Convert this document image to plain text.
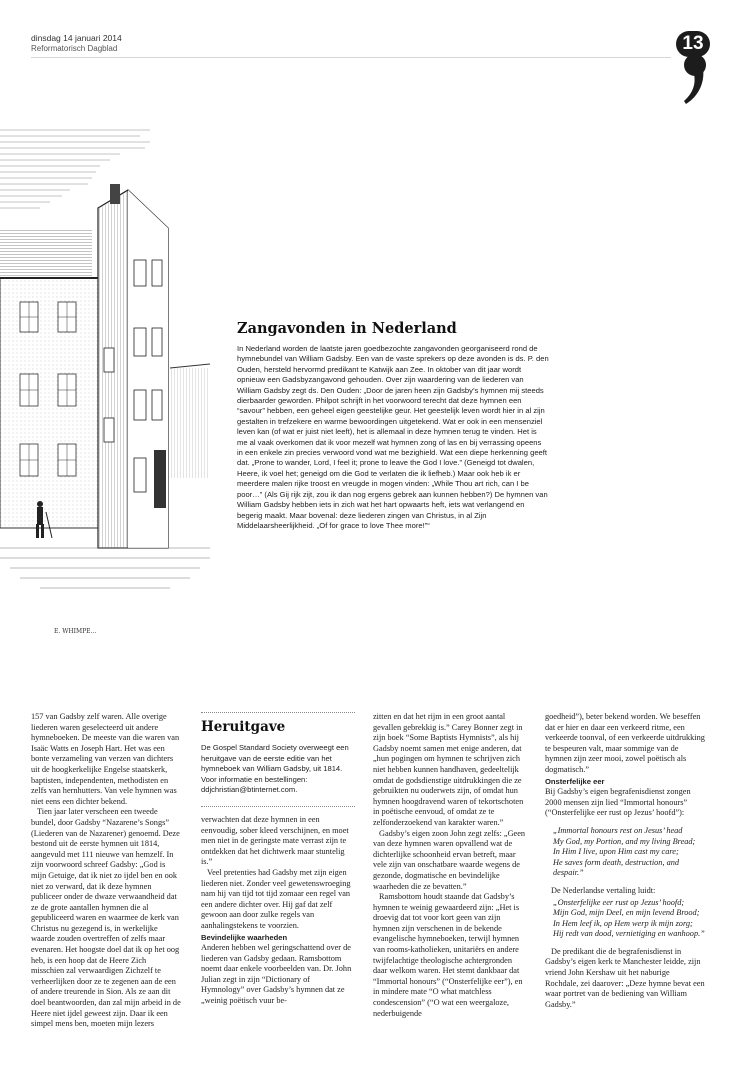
dinsdag 14 januari 2014
Reformatorisch Dagblad	13
E. WHIMPE...
Zangavonden in Nederland

In Nederland worden de laatste jaren goedbezochte zangavonden georganiseerd rond de hymnebundel van William Gadsby. Een van de vaste sprekers op deze avonden is ds. P. den Ouden, hersteld hervormd predikant te Katwijk aan Zee. In oktober van dit jaar wordt opnieuw een Gadsbyzangavond gehouden. Over zijn waardering van de liederen van William Gadsby zegt ds. Den Ouden: „Door de jaren heen zijn Gadsby’s hymnen mij steeds dierbaarder geworden. Philpot schrijft in het voorwoord terecht dat deze hymnen een “savour” hebben, een geheel eigen geestelijke geur. Het geestelijk leven wordt hier in al zijn gestalten in trefzekere en warme bewoordingen uitgetekend. Wat er ook in een mensenziel leven kan (of wat er juist niet leeft), het is allemaal in deze hymnen terug te vinden. Het is me al vaak overkomen dat ik voor mezelf wat hymnen zong of las en bij verrassing opeens in een enkele zin precies verwoord vond wat me bezighield. Wat een diepe herkenning geeft dat. „Prone to wander, Lord, I feel it; prone to leave the God I love.” (Geneigd tot dwalen, Heere, ik voel het; geneigd om die God te verlaten die ik liefheb.) Maar ook heb ik er meerdere malen rijke troost en vreugde in mogen vinden: „While Thou art rich, can I be poor…” (Als Gij rijk zijt, zou ik dan nog ergens gebrek aan kunnen hebben?) De hymnen van William Gadsby hebben iets in zich wat het hart opwaarts heft, iets wat verlangend en begerig maakt. Maar bovenal: deze liederen zingen van Christus, in al Zijn Middelaarsheerlijkheid. „Of for grace to love Thee more!”“

157 van Gadsby zelf waren. Alle overige liederen waren geselecteerd uit andere hymneboeken. De meeste van die waren van Isaäc Watts en Joseph Hart. Het was een bonte verzameling van verzen van dichters uit de hoogkerkelijke Engelse staatskerk, baptisten, independenten, methodisten en zelfs van hernhutters. Van vele hymnen was niet eens een dichter bekend.

Tien jaar later verscheen een tweede bundel, door Gadsby “Nazarene’s Songs” (Liederen van de Nazarener) genoemd. Deze bestond uit de eerste hymnen uit 1814, aangevuld met 111 nieuwe van hemzelf. In zijn voorwoord schreef Gadsby: „God is mijn Getuige, dat ik niet zo ijdel ben en ook niet zo verward, dat ik deze hymnen publiceer onder de dwaze verwaandheid dat ze de grote aantallen hymnen die al gepubliceerd waren en waarmee de kerk van Christus nu gezegend is, in werkelijke waarde zouden overtreffen of zelfs maar evenaren. Het hoogste doel dat ik op het oog heb, is een hoop dat de Heere Zich misschien zal verwaardigen Zichzelf te verheerlijken door ze te zegenen aan de een of andere treurende in Sion. Als ze aan dit doel beantwoorden, dan zal mijn arbeid in de Heere niet ijdel geweest zijn. Daar ik een simpel mens ben, moeten mijn lezers

Heruitgave
De Gospel Standard Society overweegt een heruitgave van de eerste editie van het hymneboek van William Gadsby, uit 1814. Voor informatie en bestellingen: ddjchristian@btinternet.com.

verwachten dat deze hymnen in een eenvoudig, sober kleed verschijnen, en moet men niet in de geringste mate verrast zijn te ontdekken dat het dichtwerk maar stuntelig is.”

Veel pretenties had Gadsby met zijn eigen liederen niet. Zonder veel gewetenswroeging nam hij van tijd tot tijd zomaar een regel van een andere dichter over. Hij gaf dat zelf gewoon aan door zulke regels van aanhalingstekens te voorzien.

Bevindelijke waarheden

Anderen hebben wel geringschattend over de liederen van Gadsby gedaan. Ramsbottom noemt daar enkele voorbeelden van. Dr. John Julian zegt in zijn “Dictionary of Hymnology” over Gadsby’s hymnen dat ze „weinig poëtisch vuur be-

zitten en dat het rijm in een groot aantal gevallen gebrekkig is.” Carey Bonner zegt in zijn boek “Some Baptists Hymnists”, als hij Gadsby noemt samen met enige anderen, dat „hun pogingen om hymnen te schrijven zich niet hebben kunnen handhaven, gedeeltelijk omdat de godsdienstige uitdrukkingen die ze gebruikten nu ouderwets zijn, of omdat hun hymnen hoogdravend waren of tekortschoten in poëtische eenvoud, of omdat ze te zelfonderzoekend van karakter waren.”

Gadsby’s eigen zoon John zegt zelfs: „Geen van deze hymnen waren opvallend wat de dichterlijke schoonheid ervan betreft, maar vele zijn van onschatbare waarde wegens de gezonde, dogmatische en bevindelijke waarheden die ze bevatten.”

Ramsbottom houdt staande dat Gadsby’s hymnen te weinig gewaardeerd zijn: „Het is droevig dat tot voor kort geen van zijn hymnen zijn verschenen in de bekende evangelische hymneboeken, terwijl hymnen van rooms-katholieken, unitariërs en andere twijfelachtige theologische achtergronden daar welkom waren. Het stemt dankbaar dat “Immortal honours” (“Onsterfelijke eer”), en in mindere mate “O what matchless condescension” (“O wat een weergaloze, nederbuigende

goedheid”), beter bekend worden. We beseffen dat er hier en daar een verkeerd ritme, een verkeerde toonval, of een verkeerde uitdrukking te bespeuren valt, maar sommige van de hymnen zijn zeer mooi, zowel poëtisch als dogmatisch.”

Onsterfelijke eer

Bij Gadsby’s eigen begrafenisdienst zongen 2000 mensen zijn lied “Immortal honours” (“Onsterfelijke eer rust op Jezus’ hoofd”):

„Immortal honours rest on Jesus’ head
My God, my Portion, and my living Bread;
In Him I live, upon Him cast my care;
He saves form death, destruction, and despair.”

De Nederlandse vertaling luidt:

„Onsterfelijke eer rust op Jezus’ hoofd;
Mijn God, mijn Deel, en mijn levend Brood;
In Hem leef ik, op Hem werp ik mijn zorg;
Hij redt van dood, vernietiging en wanhoop.”

De predikant die de begrafenisdienst in Gadsby’s eigen kerk te Manchester leidde, zijn vriend John Kershaw uit het naburige Rochdale, zei daarover: „Deze hymne bevat een waar portret van de bediening van William Gadsby.”
